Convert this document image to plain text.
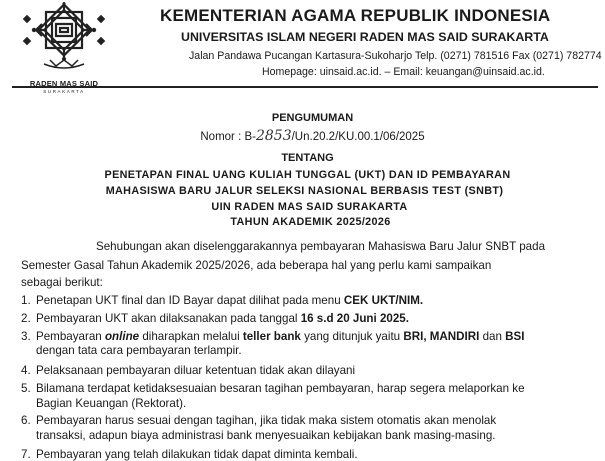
RADEN MAS SAID
SURAKARTA
KEMENTERIAN AGAMA REPUBLIK INDONESIA
UNIVERSITAS ISLAM NEGERI RADEN MAS SAID SURAKARTA
Jalan Pandawa Pucangan Kartasura-Sukoharjo Telp. (0271) 781516 Fax (0271) 782774
Homepage: uinsaid.ac.id. – Email: keuangan@uinsaid.ac.id.
PENGUMUMAN
Nomor : B-2853/Un.20.2/KU.00.1/06/2025
TENTANG
PENETAPAN FINAL UANG KULIAH TUNGGAL (UKT) DAN ID PEMBAYARAN
MAHASISWA BARU JALUR SELEKSI NASIONAL BERBASIS TEST (SNBT)
UIN RADEN MAS SAID SURAKARTA
TAHUN AKADEMIK 2025/2026
Sehubungan akan diselenggarakannya pembayaran Mahasiswa Baru Jalur SNBT pada
Semester Gasal Tahun Akademik 2025/2026, ada beberapa hal yang perlu kami sampaikan
sebagai berikut:
1. Penetapan UKT final dan ID Bayar dapat dilihat pada menu CEK UKT/NIM.
2. Pembayaran UKT akan dilaksanakan pada tanggal 16 s.d 20 Juni 2025.
3. Pembayaran online diharapkan melalui teller bank yang ditunjuk yaitu BRI, MANDIRI dan BSI
dengan tata cara pembayaran terlampir.
4. Pelaksanaan pembayaran diluar ketentuan tidak akan dilayani
5. Bilamana terdapat ketidaksesuaian besaran tagihan pembayaran, harap segera melaporkan ke
Bagian Keuangan (Rektorat).
6. Pembayaran harus sesuai dengan tagihan, jika tidak maka sistem otomatis akan menolak
transaksi, adapun biaya administrasi bank menyesuaikan kebijakan bank masing-masing.
7. Pembayaran yang telah dilakukan tidak dapat diminta kembali.
